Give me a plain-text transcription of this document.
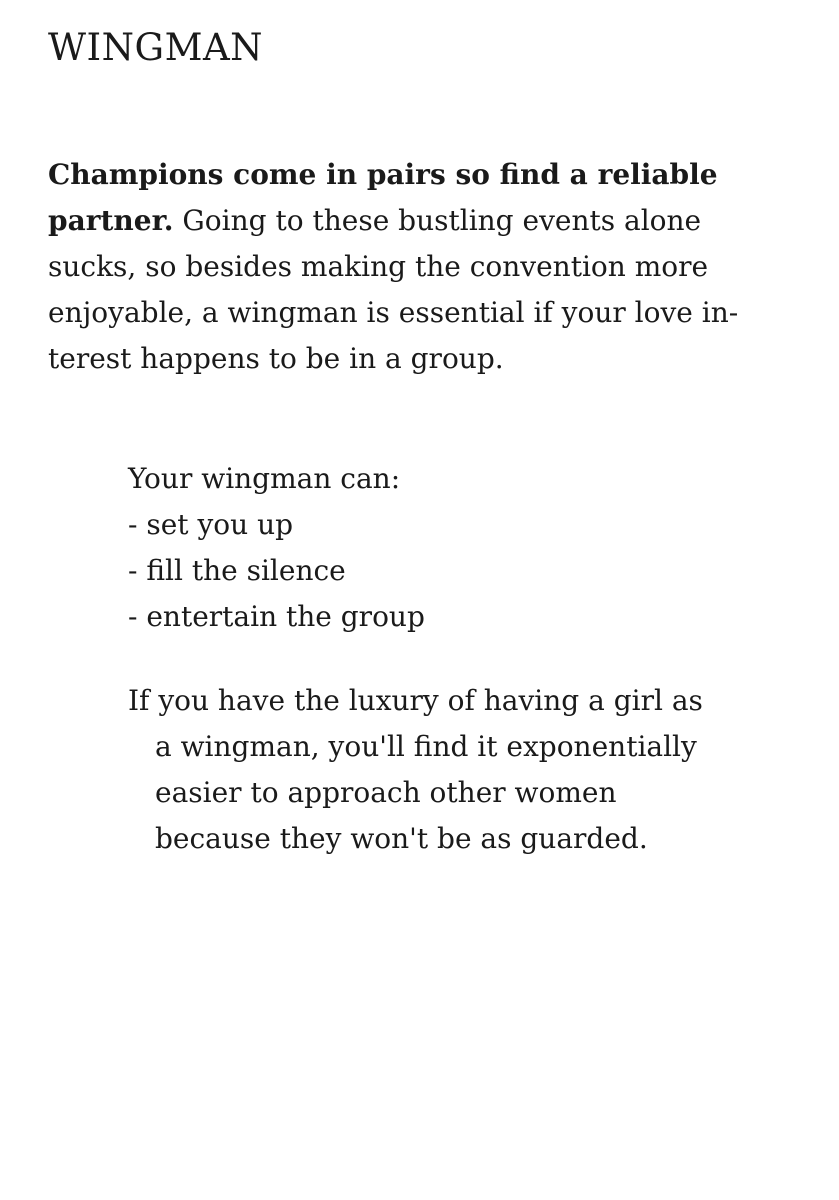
WINGMAN

Champions come in pairs so find a reliable
partner. Going to these bustling events alone
sucks, so besides making the convention more
enjoyable, a wingman is essential if your love in-
terest happens to be in a group.

Your wingman can:
- set you up
- fill the silence
- entertain the group

If you have the luxury of having a girl as
a wingman, you'll find it exponentially
easier to approach other women
because they won't be as guarded.
